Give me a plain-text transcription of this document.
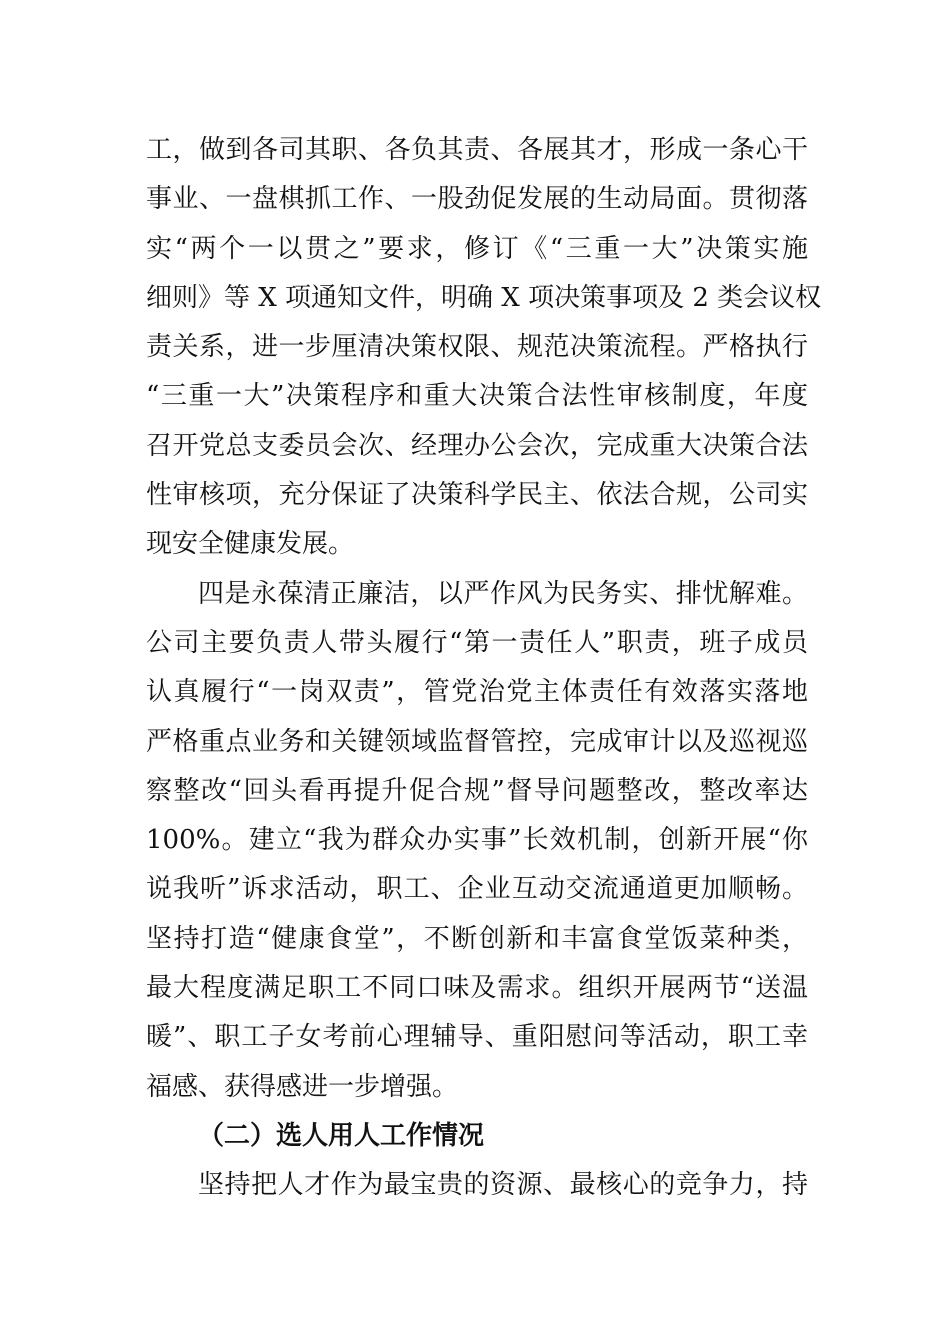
工，做到各司其职、各负其责、各展其才，形成一条心干
事业、一盘棋抓工作、一股劲促发展的生动局面。贯彻落
实“两个一以贯之”要求，修订《“三重一大”决策实施
细则》等 X 项通知文件，明确 X 项决策事项及 2 类会议权
责关系，进一步厘清决策权限、规范决策流程。严格执行
“三重一大”决策程序和重大决策合法性审核制度，年度
召开党总支委员会次、经理办公会次，完成重大决策合法
性审核项，充分保证了决策科学民主、依法合规，公司实
现安全健康发展。
四是永葆清正廉洁，以严作风为民务实、排忧解难。
公司主要负责人带头履行“第一责任人”职责，班子成员
认真履行“一岗双责”，管党治党主体责任有效落实落地
严格重点业务和关键领域监督管控，完成审计以及巡视巡
察整改“回头看再提升促合规”督导问题整改，整改率达
100%。建立“我为群众办实事”长效机制，创新开展“你
说我听”诉求活动，职工、企业互动交流通道更加顺畅。
坚持打造“健康食堂”，不断创新和丰富食堂饭菜种类，
最大程度满足职工不同口味及需求。组织开展两节“送温
暖”、职工子女考前心理辅导、重阳慰问等活动，职工幸
福感、获得感进一步增强。
（二）选人用人工作情况
坚持把人才作为最宝贵的资源、最核心的竞争力，持
